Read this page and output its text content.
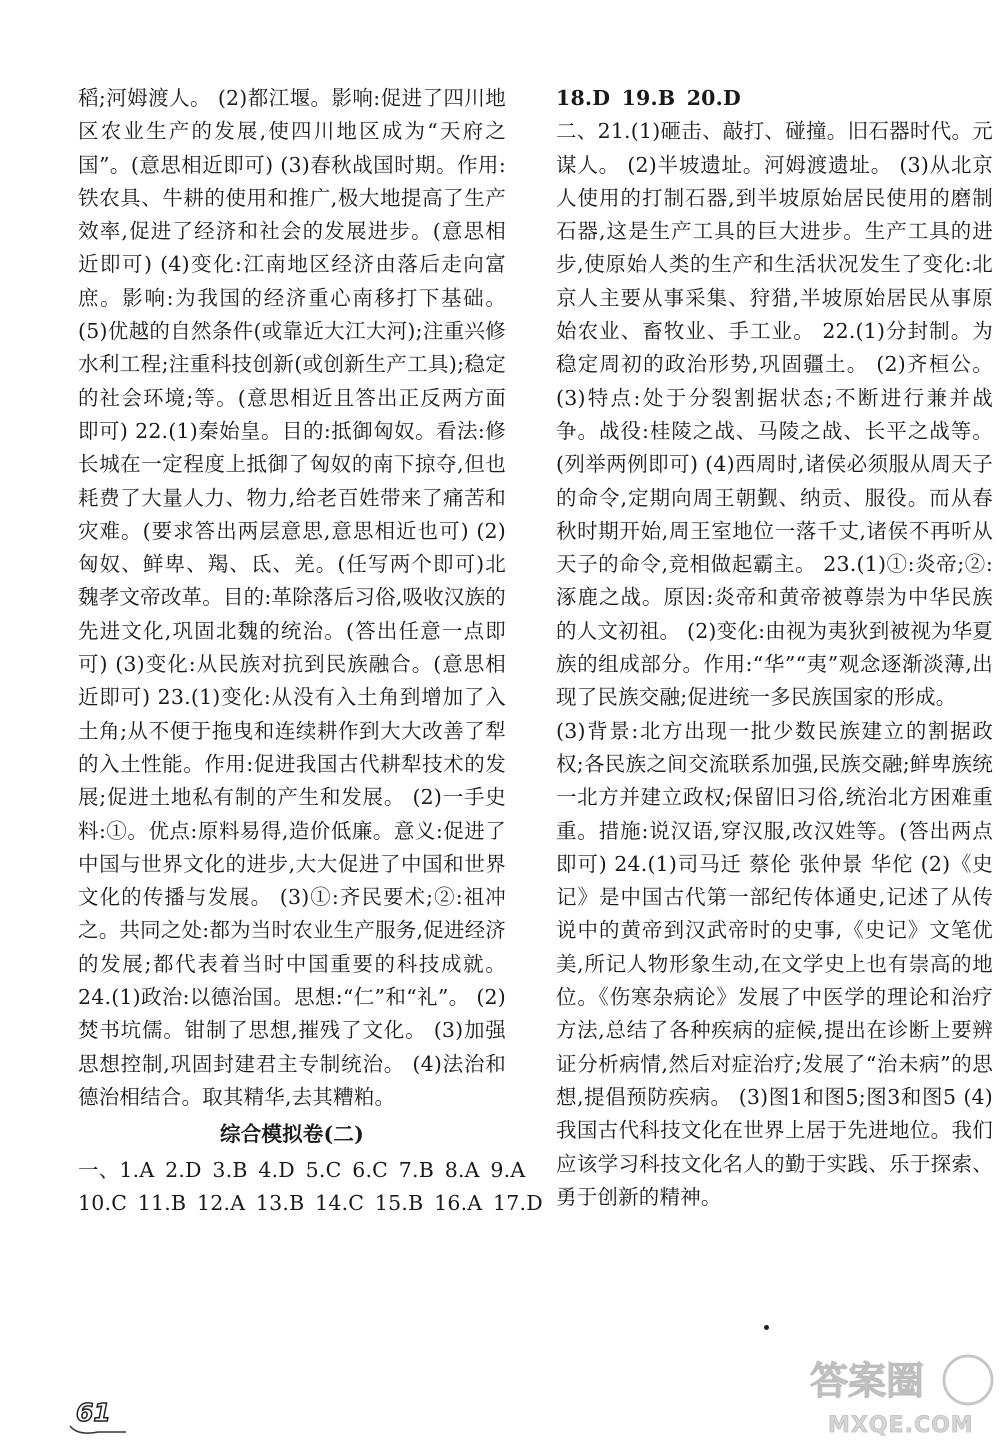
稻;河姆渡人。 (2)都江堰。影响:促进了四川地区农业生产的发展,使四川地区成为“天府之国”。(意思相近即可) (3)春秋战国时期。作用:铁农具、牛耕的使用和推广,极大地提高了生产效率,促进了经济和社会的发展进步。(意思相近即可) (4)变化:江南地区经济由落后走向富庶。影响:为我国的经济重心南移打下基础。 (5)优越的自然条件(或靠近大江大河);注重兴修水利工程;注重科技创新(或创新生产工具);稳定的社会环境;等。(意思相近且答出正反两方面即可) 22.(1)秦始皇。目的:抵御匈奴。看法:修长城在一定程度上抵御了匈奴的南下掠夺,但也耗费了大量人力、物力,给老百姓带来了痛苦和灾难。(要求答出两层意思,意思相近也可) (2)匈奴、鲜卑、羯、氐、羌。(任写两个即可)北魏孝文帝改革。目的:革除落后习俗,吸收汉族的先进文化,巩固北魏的统治。(答出任意一点即可) (3)变化:从民族对抗到民族融合。(意思相近即可) 23.(1)变化:从没有入土角到增加了入土角;从不便于拖曳和连续耕作到大大改善了犁的入土性能。作用:促进我国古代耕犁技术的发展;促进土地私有制的产生和发展。 (2)一手史料:①。优点:原料易得,造价低廉。意义:促进了中国与世界文化的进步,大大促进了中国和世界文化的传播与发展。 (3)①:齐民要术;②:祖冲之。共同之处:都为当时农业生产服务,促进经济的发展;都代表着当时中国重要的科技成就。 24.(1)政治:以德治国。思想:“仁”和“礼”。 (2)焚书坑儒。钳制了思想,摧残了文化。 (3)加强思想控制,巩固封建君主专制统治。 (4)法治和德治相结合。取其精华,去其糟粕。

综合模拟卷(二)

一、1.A 2.D 3.B 4.D 5.C 6.C 7.B 8.A 9.A

10.C 11.B 12.A 13.B 14.C 15.B 16.A 17.D

18.D 19.B 20.D

二、21.(1)砸击、敲打、碰撞。旧石器时代。元谋人。 (2)半坡遗址。河姆渡遗址。 (3)从北京人使用的打制石器,到半坡原始居民使用的磨制石器,这是生产工具的巨大进步。生产工具的进步,使原始人类的生产和生活状况发生了变化:北京人主要从事采集、狩猎,半坡原始居民从事原始农业、畜牧业、手工业。 22.(1)分封制。为稳定周初的政治形势,巩固疆土。 (2)齐桓公。 (3)特点:处于分裂割据状态;不断进行兼并战争。战役:桂陵之战、马陵之战、长平之战等。(列举两例即可) (4)西周时,诸侯必须服从周天子的命令,定期向周王朝觐、纳贡、服役。而从春秋时期开始,周王室地位一落千丈,诸侯不再听从天子的命令,竞相做起霸主。 23.(1)①:炎帝;②:涿鹿之战。原因:炎帝和黄帝被尊崇为中华民族的人文初祖。 (2)变化:由视为夷狄到被视为华夏族的组成部分。作用:“华”“夷”观念逐渐淡薄,出现了民族交融;促进统一多民族国家的形成。

(3)背景:北方出现一批少数民族建立的割据政权;各民族之间交流联系加强,民族交融;鲜卑族统一北方并建立政权;保留旧习俗,统治北方困难重重。措施:说汉语,穿汉服,改汉姓等。(答出两点即可) 24.(1)司马迁 蔡伦 张仲景 华佗 (2)《史记》是中国古代第一部纪传体通史,记述了从传说中的黄帝到汉武帝时的史事,《史记》文笔优美,所记人物形象生动,在文学史上也有崇高的地位。《伤寒杂病论》发展了中医学的理论和治疗方法,总结了各种疾病的症候,提出在诊断上要辨证分析病情,然后对症治疗;发展了“治未病”的思想,提倡预防疾病。 (3)图1和图5;图3和图5 (4)我国古代科技文化在世界上居于先进地位。我们应该学习科技文化名人的勤于实践、乐于探索、勇于创新的精神。

61
答案圈
MXQE.COM
